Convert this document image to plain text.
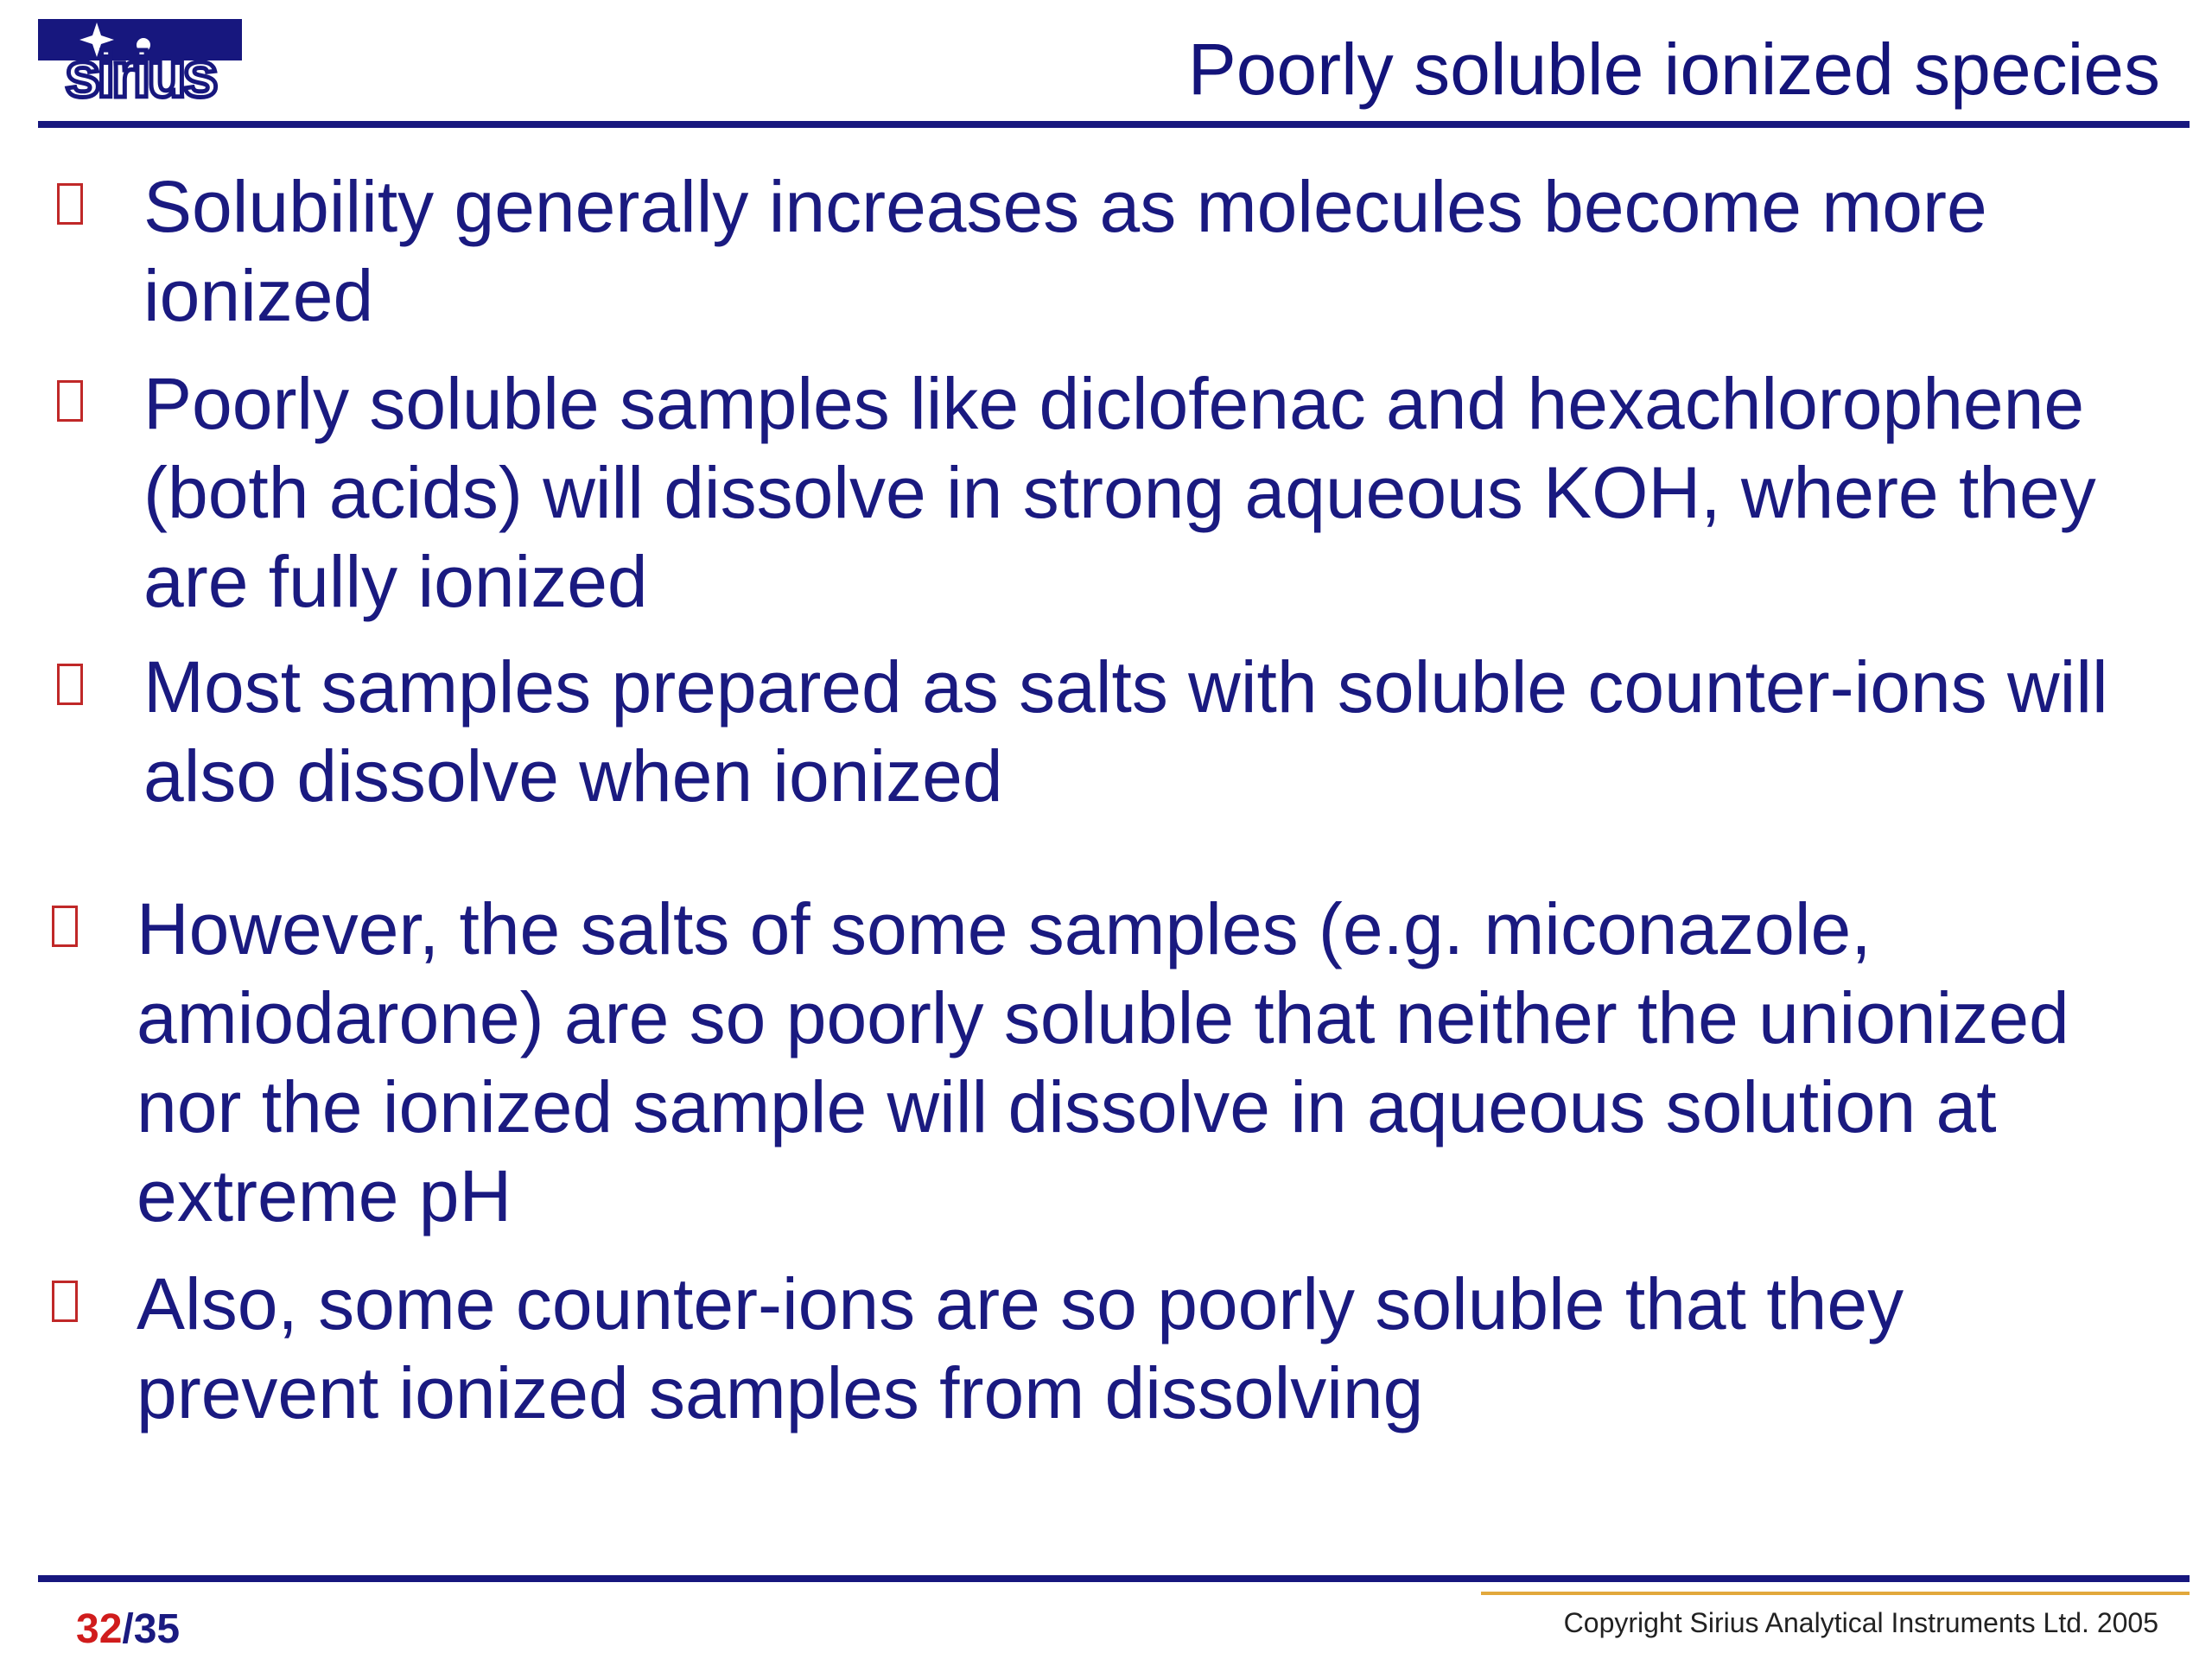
sirius	Poorly soluble ionized species
Solubility generally increases as molecules become more
ionized
Poorly soluble samples like diclofenac and hexachlorophene
(both acids) will dissolve in strong aqueous KOH, where they
are fully ionized
Most samples prepared as salts with soluble counter-ions will
also dissolve when ionized
However, the salts of some samples (e.g. miconazole,
amiodarone) are so poorly soluble that neither the unionized
nor the ionized sample will dissolve in aqueous solution at
extreme pH
Also, some counter-ions are so poorly soluble that they
prevent ionized samples from dissolving
32/35	Copyright Sirius Analytical Instruments Ltd. 2005
